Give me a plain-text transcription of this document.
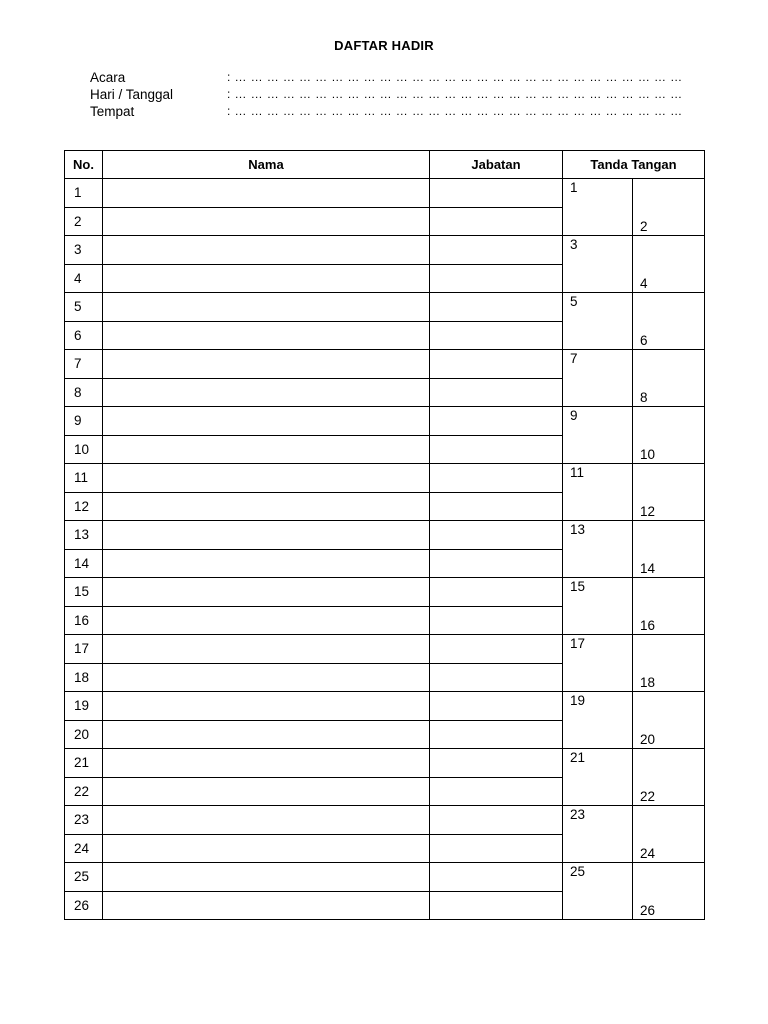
DAFTAR HADIR
Acara	: … … … … … … … … … … … … … … … … … … … … … … … … … … … …
Hari / Tanggal	: … … … … … … … … … … … … … … … … … … … … … … … … … … … …
Tempat	: … … … … … … … … … … … … … … … … … … … … … … … … … … … …
No.	Nama	Jabatan	Tanda Tangan	
1			1	2

2				
3			3	4

4				
5			5	6

6				
7			7	8

8				
9			9	10

10				
11			11	12

12				
13			13	14

14				
15			15	16

16				
17			17	18

18				
19			19	20

20				
21			21	22

22				
23			23	24

24				
25			25	26

26				
